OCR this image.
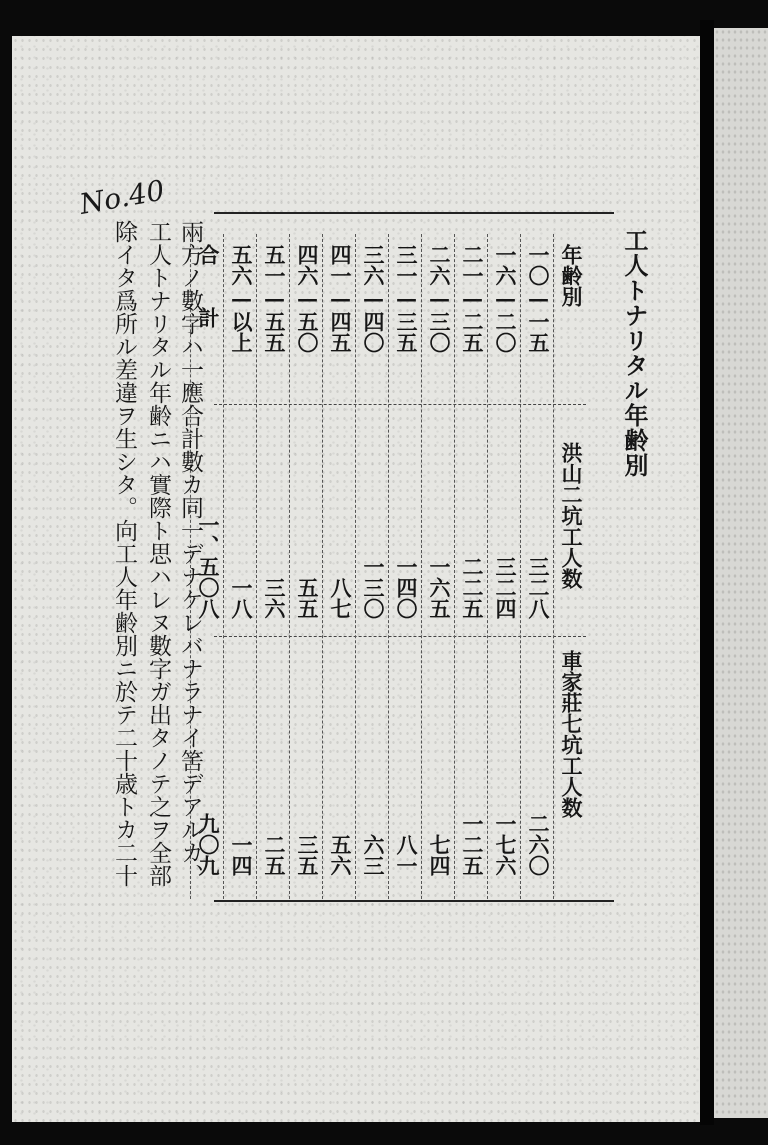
工人トナリタル年齢別
No.40
年齢別
洪山二坑工人数
車家莊七坑工人数
一〇—一五
三二八
二六〇
一六—二〇
三二四
一七六
二一—二五
二二五
一二五
二六—三〇
一六五
七四
三一—三五
一四〇
八一
三六—四〇
一三〇
六三
四一—四五
八七
五六
四六—五〇
五五
三五
五一—五五
三六
二五
五六—以上
一八
一四
合　　計
一、五〇八
九〇九
兩方ノ數字ハ一應合計數カ同一デナケレバナラナイ筈デアルカ、
工人トナリタル年齢ニハ實際ト思ハレヌ數字ガ出タノテ之ヲ全部
除イタ爲所ル差違ヲ生シタ。向工人年齢別ニ於テ二十歳トカ二十
